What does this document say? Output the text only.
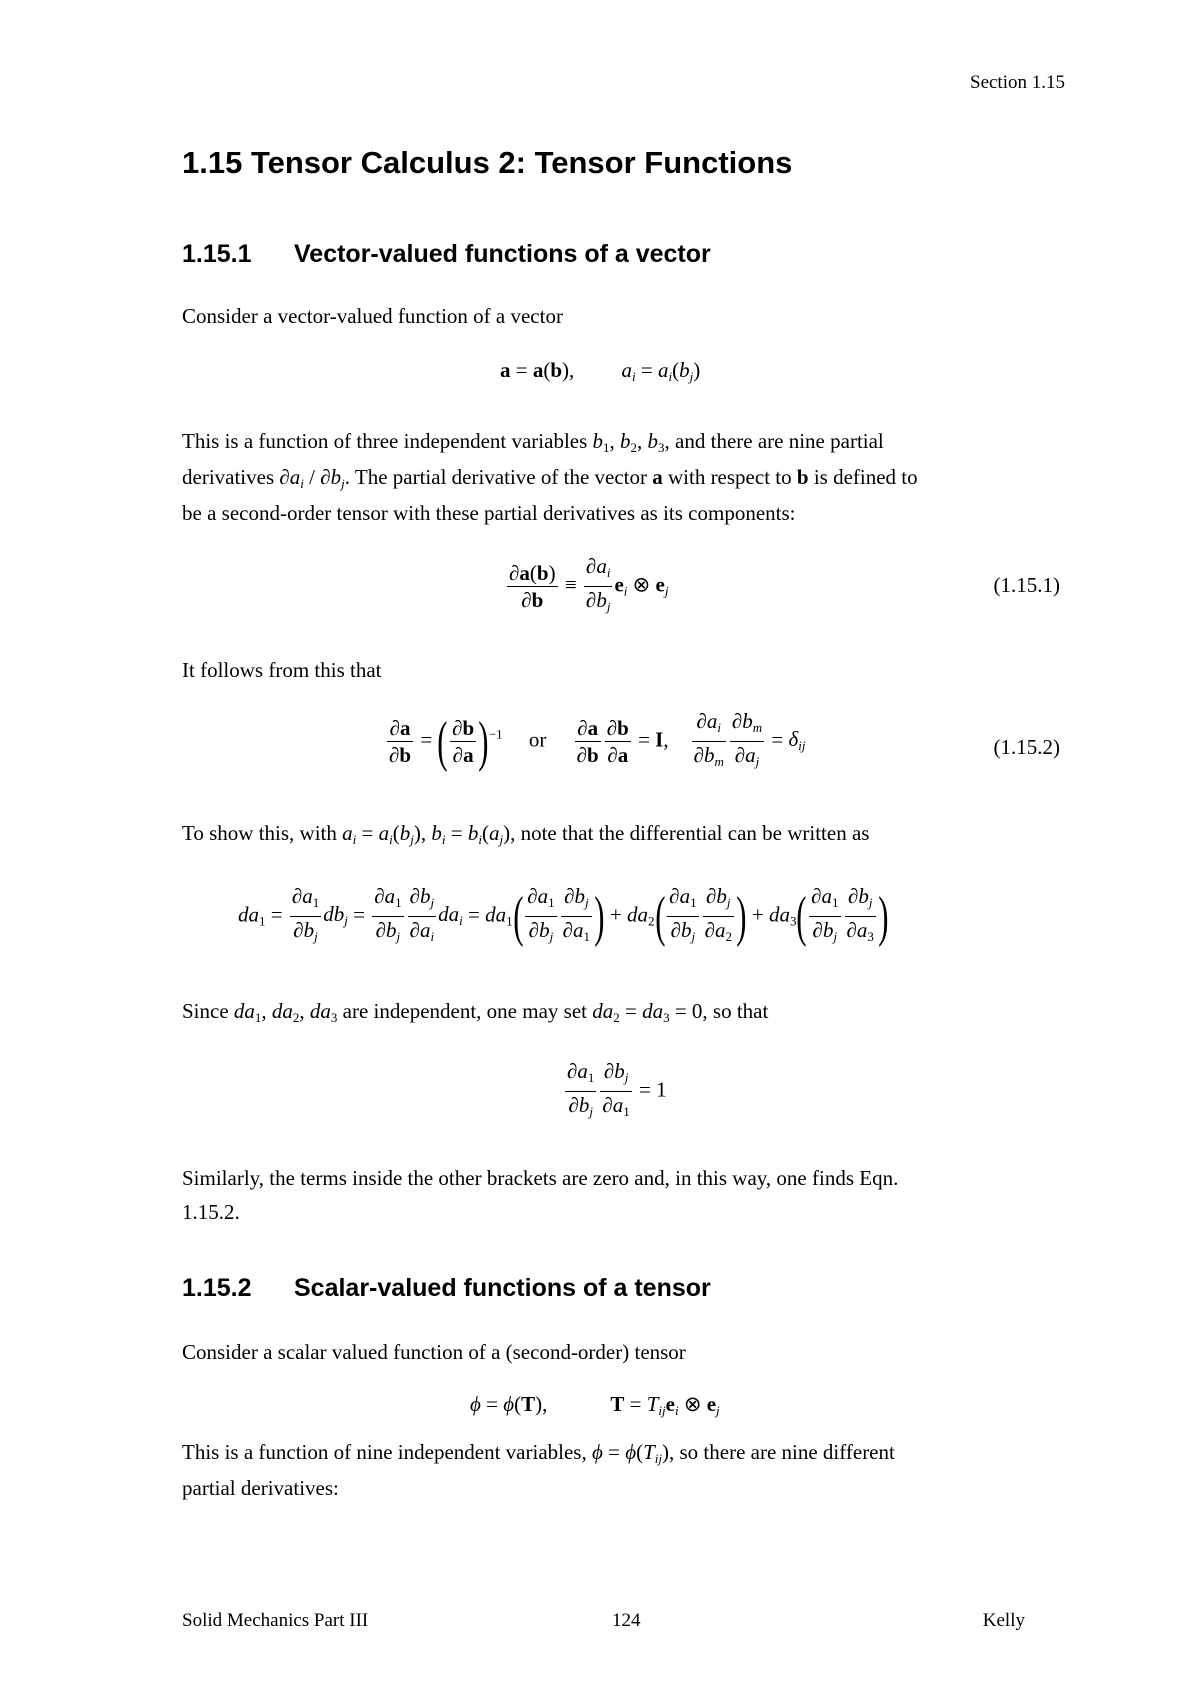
Section 1.15
1.15 Tensor Calculus 2: Tensor Functions
1.15.1 Vector-valued functions of a vector
Consider a vector-valued function of a vector
a = a(b),         $a_i = a_i(b_j)$
This is a function of three independent variables $b_1$, $b_2$, $b_3$, and there are nine partial
derivatives $\partial a_i / \partial b_j$. The partial derivative of the vector a with respect to b is defined to
be a second-order tensor with these partial derivatives as its components:
$\frac{\partial a(b)}{\partial b} \equiv \frac{\partial a_i}{\partial b_j} e_i$ ⊗ $e_j$	(1.15.1)
It follows from this that
$\frac{\partial a}{\partial b}$ = ( $\frac{\partial b}{\partial a} )^{-1}$ or $\frac{\partial a}{\partial b} \frac{\partial b}{\partial a} = I$, $\frac{\partial a_i}{\partial b_m} \frac{\partial b_m}{\partial a_j} = \delta_{ij}$	(1.15.2)
To show this, with $a_i = a_i(b_j)$, $b_i = b_i(a_j)$, note that the differential can be written as
$da_1 = \frac{\partial a_1}{\partial b_j} db_j = \frac{\partial a_1}{\partial b_j} \frac{\partial b_j}{\partial a_i} da_i = da_1( \frac{\partial a_1}{\partial b_j} \frac{\partial b_j}{\partial a_1}$ ) + $da_2( \frac{\partial a_1}{\partial b_j} \frac{\partial b_j}{\partial a_2}$ ) + $da_3( \frac{\partial a_1}{\partial b_j} \frac{\partial b_j}{\partial a_3}$ )
Since $da_1$, $da_2$, $da_3$ are independent, one may set $da_2 = da_3 = 0$, so that
$\frac{\partial a_1}{\partial b_j} \frac{\partial b_j}{\partial a_1} = 1$
Similarly, the terms inside the other brackets are zero and, in this way, one finds Eqn.
1.15.2.
1.15.2 Scalar-valued functions of a tensor
Consider a scalar valued function of a (second-order) tensor
ϕ = ϕ(T),            $T = T_{ij}e_i$ ⊗ $e_j$
This is a function of nine independent variables, $\phi = \phi(T_{ij})$, so there are nine different
partial derivatives:
Solid Mechanics Part III	124	Kelly
